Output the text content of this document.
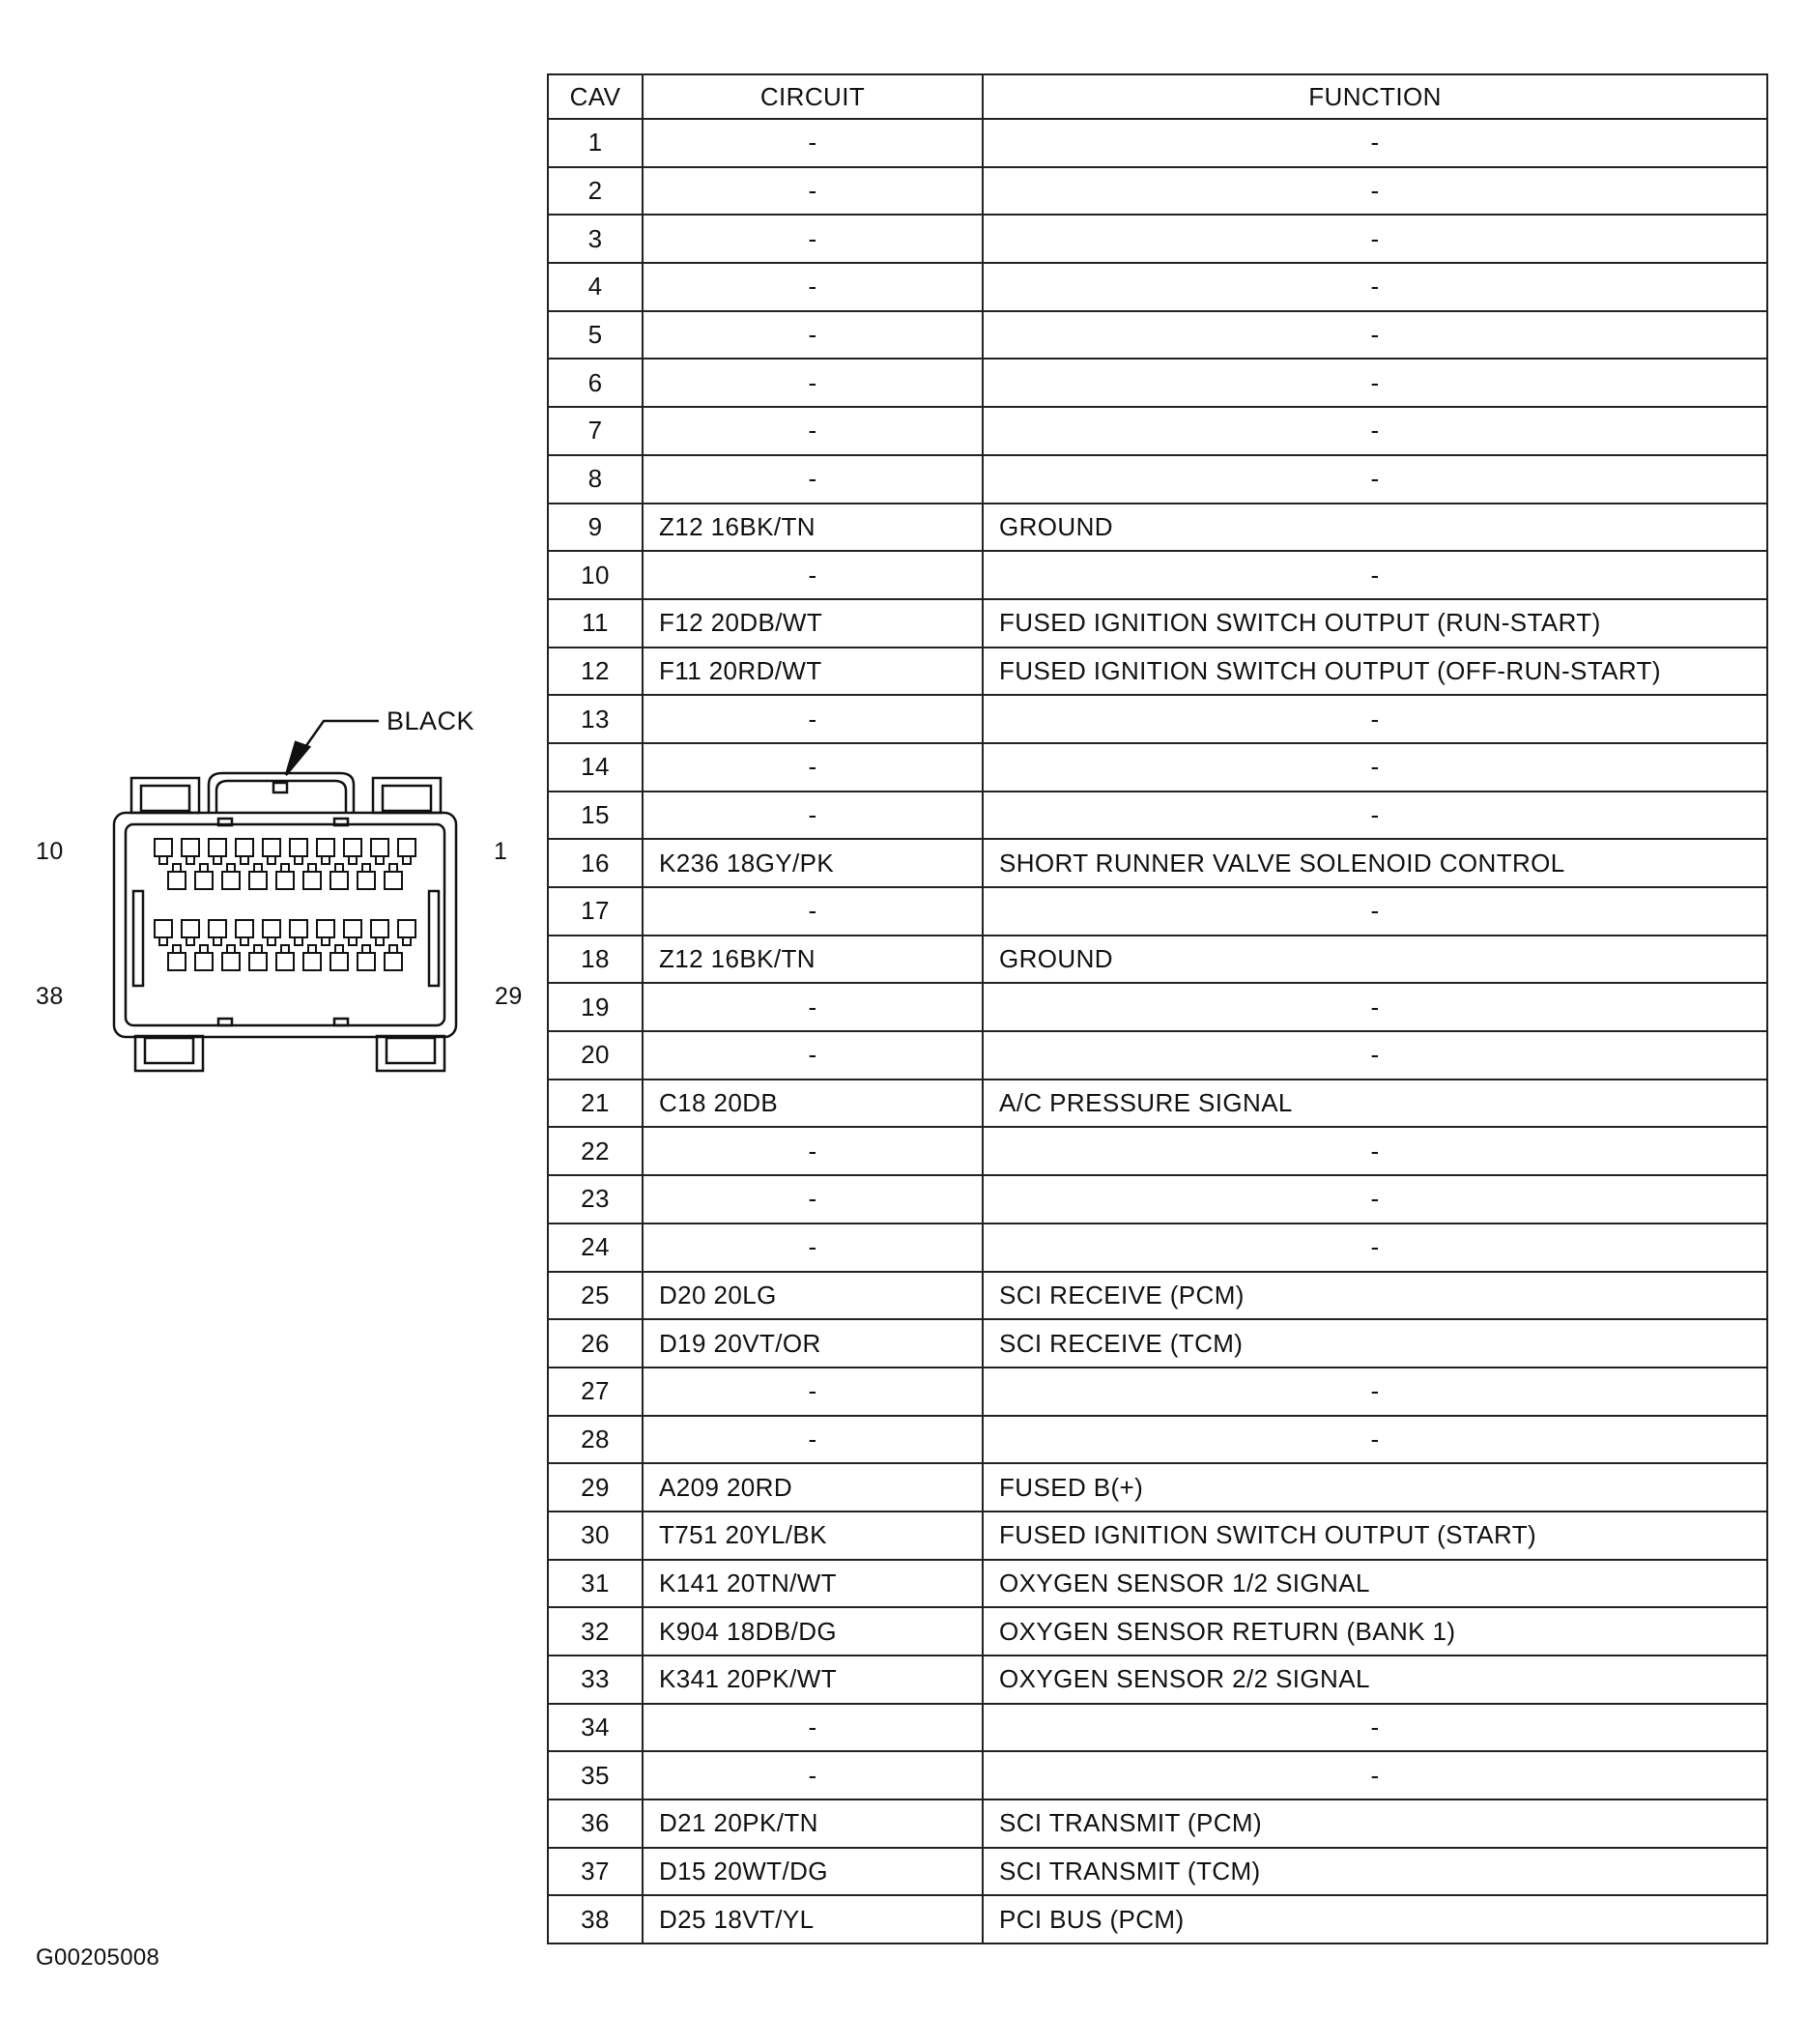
BLACK
10	1
38	29
G00205008
CAV	CIRCUIT	FUNCTION
1	-	-
2	-	-
3	-	-
4	-	-
5	-	-
6	-	-
7	-	-
8	-	-
9	Z12 16BK/TN	GROUND
10	-	-
11	F12 20DB/WT	FUSED IGNITION SWITCH OUTPUT (RUN-START)
12	F11 20RD/WT	FUSED IGNITION SWITCH OUTPUT (OFF-RUN-START)
13	-	-
14	-	-
15	-	-
16	K236 18GY/PK	SHORT RUNNER VALVE SOLENOID CONTROL
17	-	-
18	Z12 16BK/TN	GROUND
19	-	-
20	-	-
21	C18 20DB	A/C PRESSURE SIGNAL
22	-	-
23	-	-
24	-	-
25	D20 20LG	SCI RECEIVE (PCM)
26	D19 20VT/OR	SCI RECEIVE (TCM)
27	-	-
28	-	-
29	A209 20RD	FUSED B(+)
30	T751 20YL/BK	FUSED IGNITION SWITCH OUTPUT (START)
31	K141 20TN/WT	OXYGEN SENSOR 1/2 SIGNAL
32	K904 18DB/DG	OXYGEN SENSOR RETURN (BANK 1)
33	K341 20PK/WT	OXYGEN SENSOR 2/2 SIGNAL
34	-	-
35	-	-
36	D21 20PK/TN	SCI TRANSMIT (PCM)
37	D15 20WT/DG	SCI TRANSMIT (TCM)
38	D25 18VT/YL	PCI BUS (PCM)
